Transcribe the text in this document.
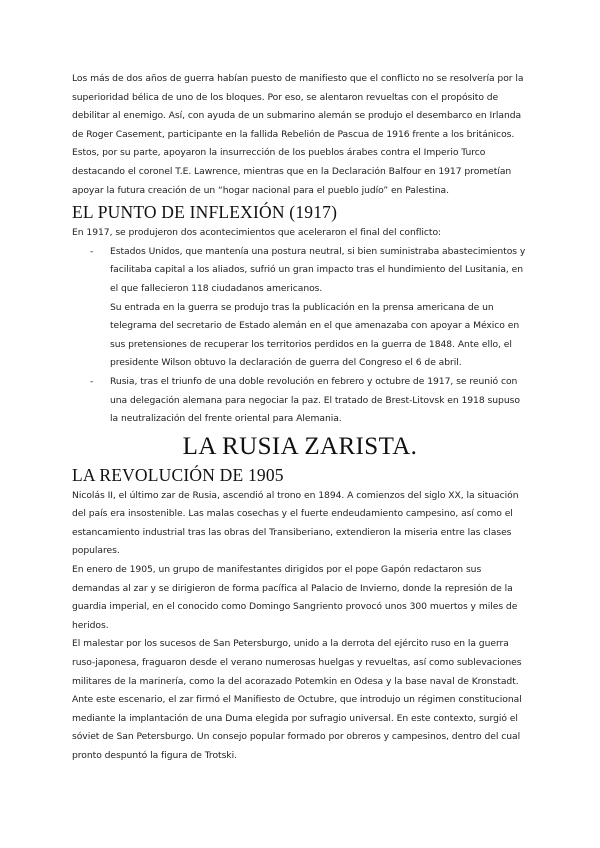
Los más de dos años de guerra habían puesto de manifiesto que el conflicto no se resolvería por la superioridad bélica de uno de los bloques. Por eso, se alentaron revueltas con el propósito de debilitar al enemigo. Así, con ayuda de un submarino alemán se produjo el desembarco en Irlanda de Roger Casement, participante en la fallida Rebelión de Pascua de 1916 frente a los británicos.

Estos, por su parte, apoyaron la insurrección de los pueblos árabes contra el Imperio Turco destacando el coronel T.E. Lawrence, mientras que en la Declaración Balfour en 1917 prometían apoyar la futura creación de un “hogar nacional para el pueblo judío” en Palestina.

EL PUNTO DE INFLEXIÓN (1917)

En 1917, se produjeron dos acontecimientos que aceleraron el final del conflicto:

- Estados Unidos, que mantenía una postura neutral, si bien suministraba abastecimientos y facilitaba capital a los aliados, sufrió un gran impacto tras el hundimiento del Lusitania, en el que fallecieron 118 ciudadanos americanos.

Su entrada en la guerra se produjo tras la publicación en la prensa americana de un telegrama del secretario de Estado alemán en el que amenazaba con apoyar a México en sus pretensiones de recuperar los territorios perdidos en la guerra de 1848. Ante ello, el presidente Wilson obtuvo la declaración de guerra del Congreso el 6 de abril.

- Rusia, tras el triunfo de una doble revolución en febrero y octubre de 1917, se reunió con una delegación alemana para negociar la paz. El tratado de Brest-Litovsk en 1918 supuso la neutralización del frente oriental para Alemania.

LA RUSIA ZARISTA.
LA REVOLUCIÓN DE 1905

Nicolás II, el último zar de Rusia, ascendió al trono en 1894. A comienzos del siglo XX, la situación del país era insostenible. Las malas cosechas y el fuerte endeudamiento campesino, así como el estancamiento industrial tras las obras del Transiberiano, extendieron la miseria entre las clases populares.

En enero de 1905, un grupo de manifestantes dirigidos por el pope Gapón redactaron sus demandas al zar y se dirigieron de forma pacífica al Palacio de Invierno, donde la represión de la guardia imperial, en el conocido como Domingo Sangriento provocó unos 300 muertos y miles de heridos.

El malestar por los sucesos de San Petersburgo, unido a la derrota del ejército ruso en la guerra ruso-japonesa, fraguaron desde el verano numerosas huelgas y revueltas, así como sublevaciones militares de la marinería, como la del acorazado Potemkin en Odesa y la base naval de Kronstadt.

Ante este escenario, el zar firmó el Manifiesto de Octubre, que introdujo un régimen constitucional mediante la implantación de una Duma elegida por sufragio universal. En este contexto, surgió el sóviet de San Petersburgo. Un consejo popular formado por obreros y campesinos, dentro del cual pronto despuntó la figura de Trotski.
